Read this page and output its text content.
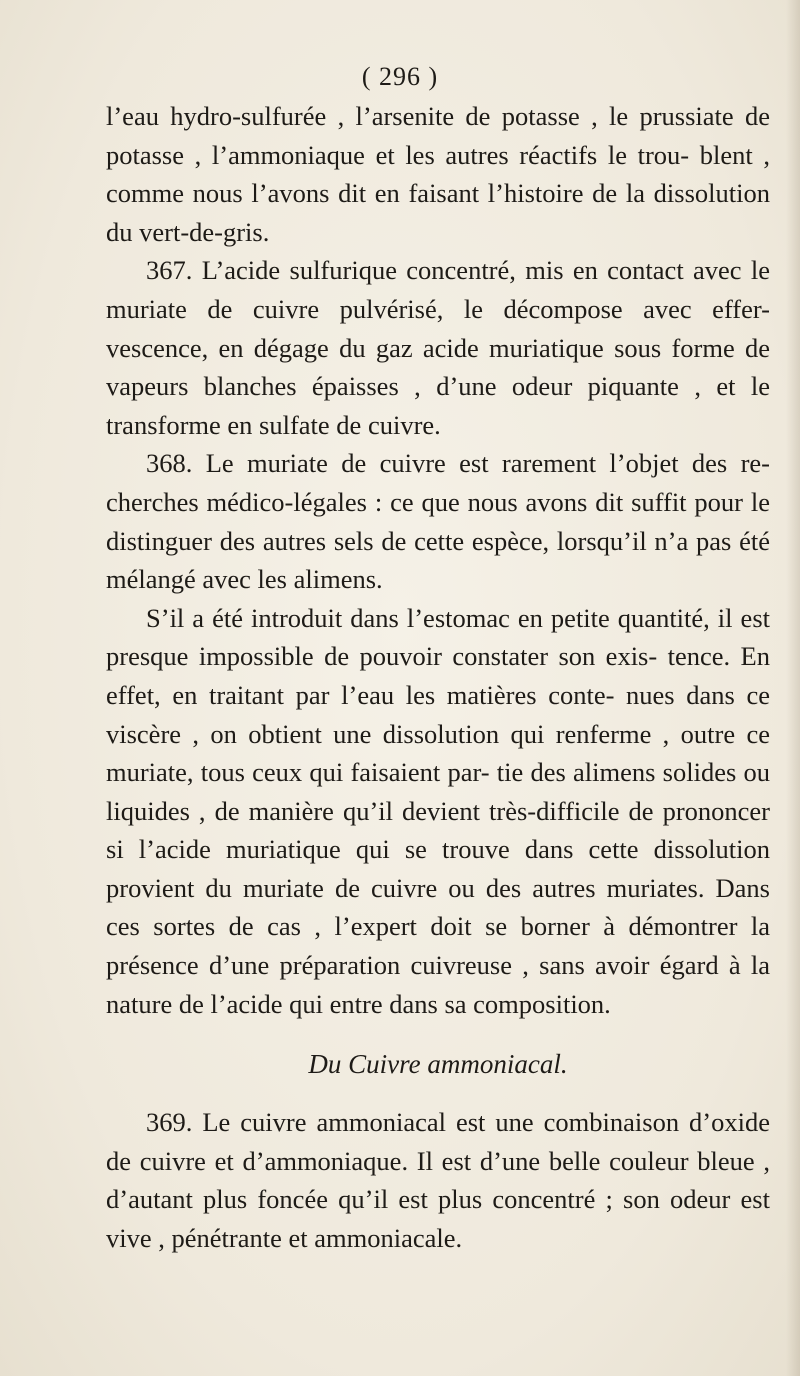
( 296 )

l’eau hydro-sulfurée , l’arsenite de potasse , le prussiate de potasse , l’ammoniaque et les autres réactifs le trou- blent , comme nous l’avons dit en faisant l’histoire de la dissolution du vert-de-gris.

367. L’acide sulfurique concentré, mis en contact avec le muriate de cuivre pulvérisé, le décompose avec effer- vescence, en dégage du gaz acide muriatique sous forme de vapeurs blanches épaisses , d’une odeur piquante , et le transforme en sulfate de cuivre.

368. Le muriate de cuivre est rarement l’objet des re- cherches médico-légales : ce que nous avons dit suffit pour le distinguer des autres sels de cette espèce, lorsqu’il n’a pas été mélangé avec les alimens.

S’il a été introduit dans l’estomac en petite quantité, il est presque impossible de pouvoir constater son exis- tence. En effet, en traitant par l’eau les matières conte- nues dans ce viscère , on obtient une dissolution qui renferme , outre ce muriate, tous ceux qui faisaient par- tie des alimens solides ou liquides , de manière qu’il devient très-difficile de prononcer si l’acide muriatique qui se trouve dans cette dissolution provient du muriate de cuivre ou des autres muriates. Dans ces sortes de cas , l’expert doit se borner à démontrer la présence d’une préparation cuivreuse , sans avoir égard à la nature de l’acide qui entre dans sa composition.

Du Cuivre ammoniacal.

369. Le cuivre ammoniacal est une combinaison d’oxide de cuivre et d’ammoniaque. Il est d’une belle couleur bleue , d’autant plus foncée qu’il est plus concentré ; son odeur est vive , pénétrante et ammoniacale.
